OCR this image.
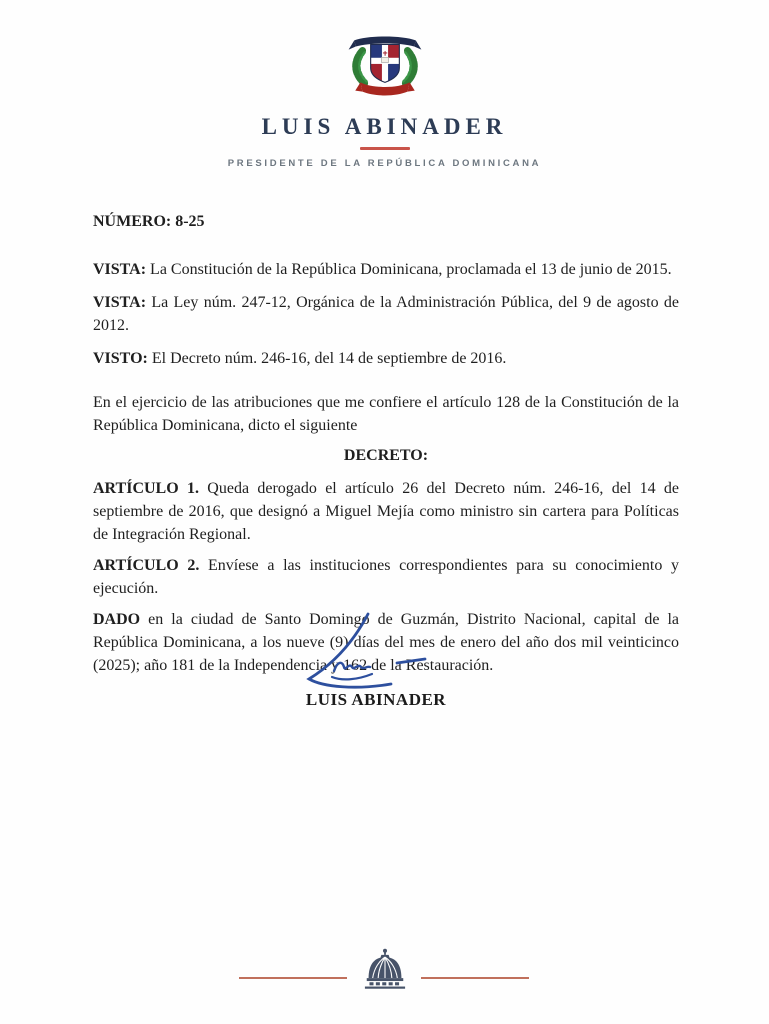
LUIS ABINADER
PRESIDENTE DE LA REPÚBLICA DOMINICANA

NÚMERO: 8-25

VISTA: La Constitución de la República Dominicana, proclamada el 13 de junio de 2015.

VISTA: La Ley núm. 247-12, Orgánica de la Administración Pública, del 9 de agosto de 2012.

VISTO: El Decreto núm. 246-16, del 14 de septiembre de 2016.

En el ejercicio de las atribuciones que me confiere el artículo 128 de la Constitución de la República Dominicana, dicto el siguiente

DECRETO:

ARTÍCULO 1. Queda derogado el artículo 26 del Decreto núm. 246-16, del 14 de septiembre de 2016, que designó a Miguel Mejía como ministro sin cartera para Políticas de Integración Regional.

ARTÍCULO 2. Envíese a las instituciones correspondientes para su conocimiento y ejecución.

DADO en la ciudad de Santo Domingo de Guzmán, Distrito Nacional, capital de la República Dominicana, a los nueve (9) días del mes de enero del año dos mil veinticinco (2025); año 181 de la Independencia y 162 de la Restauración.

LUIS ABINADER
